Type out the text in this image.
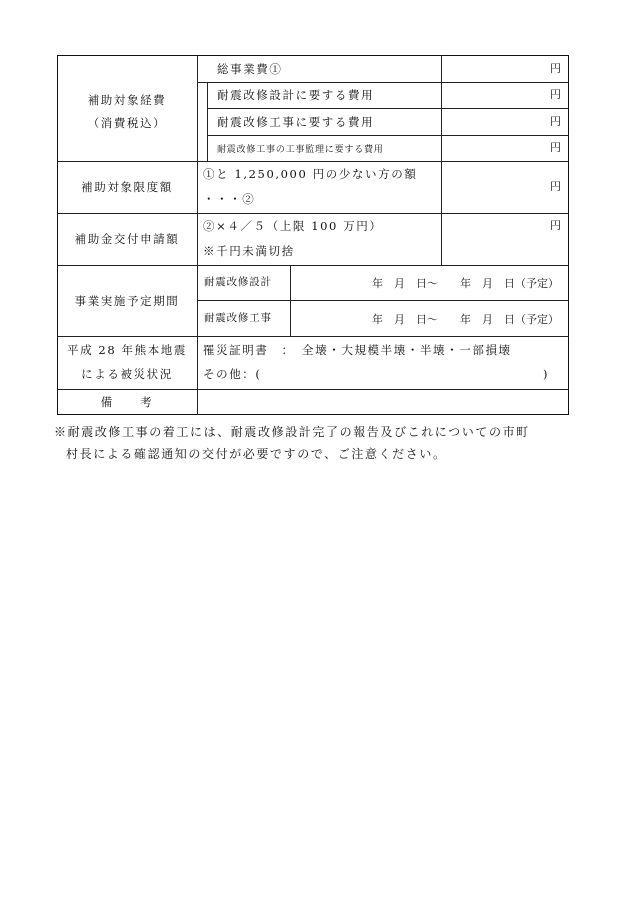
補助対象経費
（消費税込）
総事業費①
耐震改修設計に要する費用
耐震改修工事に要する費用
耐震改修工事の工事監理に要する費用
円
円
円
円
補助対象限度額
①と 1,250,000 円の少ない方の額
・・・②
円
補助金交付申請額
②×４／５（上限 100 万円）
※千円未満切捨
円
事業実施予定期間
耐震改修設計
耐震改修工事
年　月　日～　　年　月　日（予定）
年　月　日～　　年　月　日（予定）
平成 28 年熊本地震
による被災状況
罹災証明書　：　全壊・大規模半壊・半壊・一部損壊
その他：(	)
備　　考
※耐震改修工事の着工には、耐震改修設計完了の報告及びこれについての市町
村長による確認通知の交付が必要ですので、ご注意ください。
